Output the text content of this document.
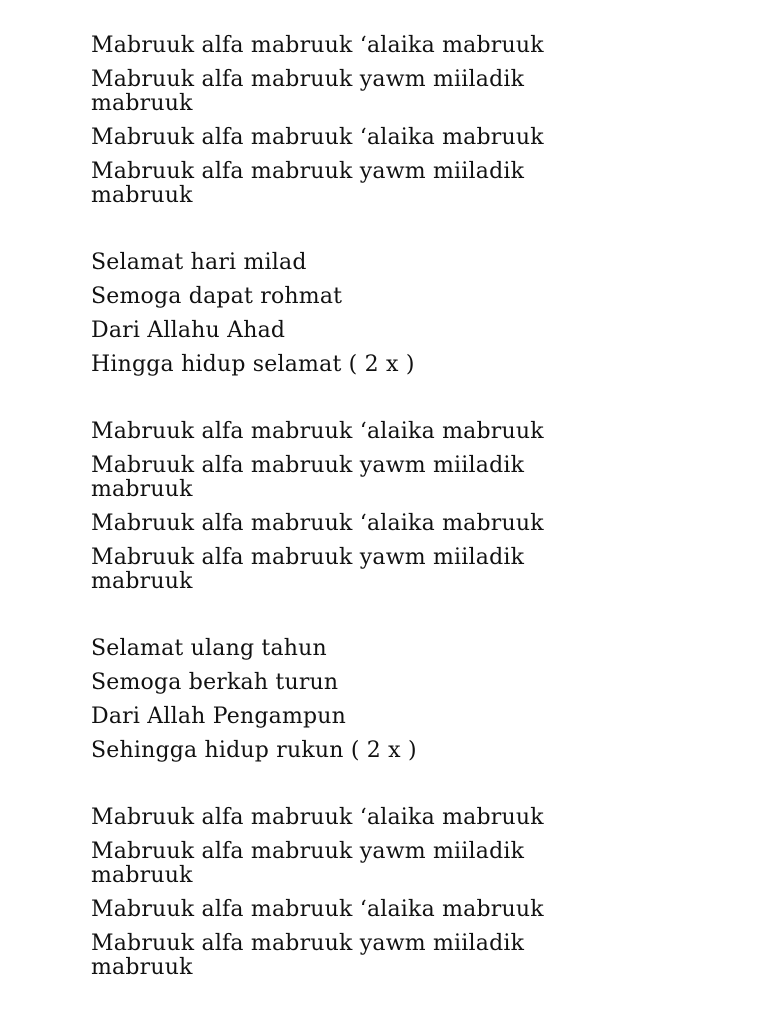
Mabruuk alfa mabruuk ‘alaika mabruuk
Mabruuk alfa mabruuk yawm miiladik mabruuk
Mabruuk alfa mabruuk ‘alaika mabruuk
Mabruuk alfa mabruuk yawm miiladik mabruuk
Selamat hari milad
Semoga dapat rohmat
Dari Allahu Ahad
Hingga hidup selamat ( 2 x )
Mabruuk alfa mabruuk ‘alaika mabruuk
Mabruuk alfa mabruuk yawm miiladik mabruuk
Mabruuk alfa mabruuk ‘alaika mabruuk
Mabruuk alfa mabruuk yawm miiladik mabruuk
Selamat ulang tahun
Semoga berkah turun
Dari Allah Pengampun
Sehingga hidup rukun ( 2 x )
Mabruuk alfa mabruuk ‘alaika mabruuk
Mabruuk alfa mabruuk yawm miiladik mabruuk
Mabruuk alfa mabruuk ‘alaika mabruuk
Mabruuk alfa mabruuk yawm miiladik mabruuk
